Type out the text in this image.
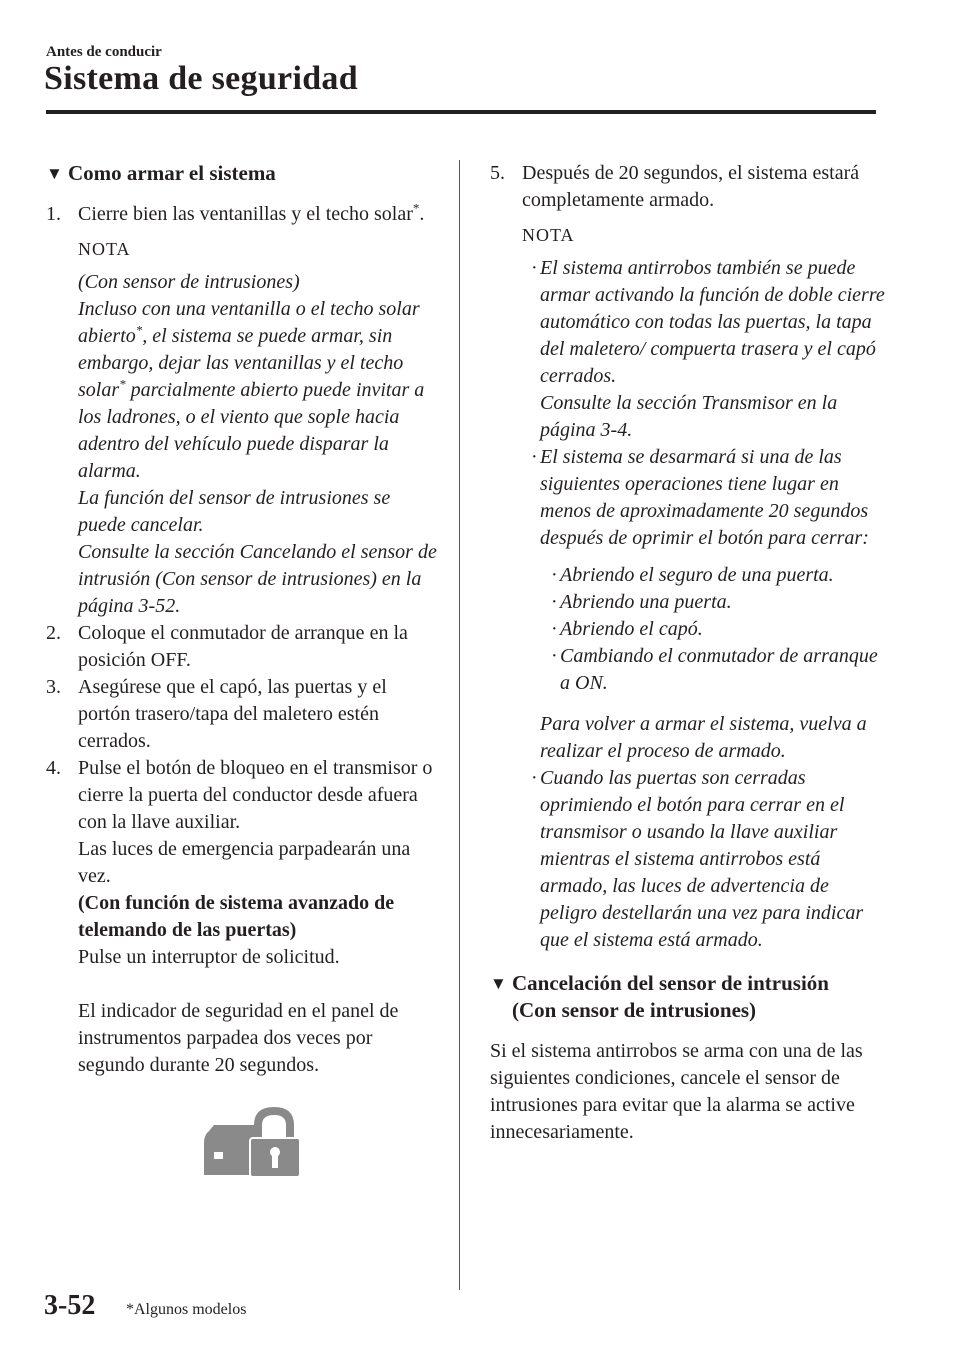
Antes de conducir
Sistema de seguridad
▼ Como armar el sistema
1. Cierre bien las ventanillas y el techo solar*.

NOTA

(Con sensor de intrusiones)

Incluso con una ventanilla o el techo solar abierto*, el sistema se puede armar, sin embargo, dejar las ventanillas y el techo solar* parcialmente abierto puede invitar a los ladrones, o el viento que sople hacia adentro del vehículo puede disparar la alarma.

La función del sensor de intrusiones se puede cancelar.

Consulte la sección Cancelando el sensor de intrusión (Con sensor de intrusiones) en la página 3-52.

2. Coloque el conmutador de arranque en la posición OFF.

3. Asegúrese que el capó, las puertas y el portón trasero/tapa del maletero estén cerrados.

4. Pulse el botón de bloqueo en el transmisor o cierre la puerta del conductor desde afuera con la llave auxiliar.

Las luces de emergencia parpadearán una vez.

(Con función de sistema avanzado de telemando de las puertas)

Pulse un interruptor de solicitud.

El indicador de seguridad en el panel de instrumentos parpadea dos veces por segundo durante 20 segundos.

5. Después de 20 segundos, el sistema estará completamente armado.

NOTA
· El sistema antirrobos también se puede armar activando la función de doble cierre automático con todas las puertas, la tapa del maletero/ compuerta trasera y el capó cerrados.

Consulte la sección Transmisor en la página 3-4.

· El sistema se desarmará si una de las siguientes operaciones tiene lugar en menos de aproximadamente 20 segundos después de oprimir el botón para cerrar:

· Abriendo el seguro de una puerta.
· Abriendo una puerta.
· Abriendo el capó.
· Cambiando el conmutador de arranque a ON.

Para volver a armar el sistema, vuelva a realizar el proceso de armado.

· Cuando las puertas son cerradas oprimiendo el botón para cerrar en el transmisor o usando la llave auxiliar mientras el sistema antirrobos está armado, las luces de advertencia de peligro destellarán una vez para indicar que el sistema está armado.

▼ Cancelación del sensor de intrusión
(Con sensor de intrusiones)

Si el sistema antirrobos se arma con una de las siguientes condiciones, cancele el sensor de intrusiones para evitar que la alarma se active innecesariamente.

3-52 *Algunos modelos
